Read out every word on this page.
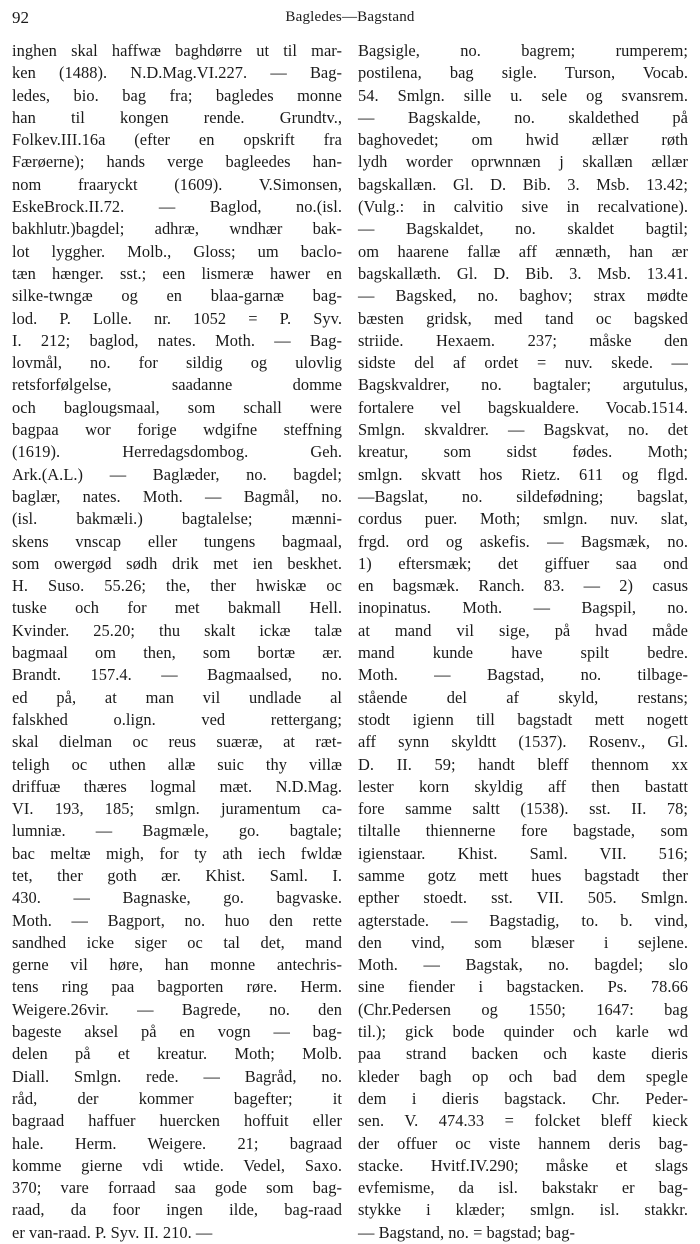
92	Bagledes—Bagstand
inghen skal haffwæ baghdørre ut til mar-
ken (1488). N.D.Mag.VI.227. — Bag-
ledes, bio. bag fra; bagledes monne
han til kongen rende. Grundtv.,
Folkev.III.16a (efter en opskrift fra
Færøerne); hands verge bagleedes han-
nom fraaryckt (1609). V.Simonsen,
EskeBrock.II.72. — Baglod, no.(isl.
bakhlutr.)bagdel; adhræ, wndhær bak-
lot lyggher. Molb., Gloss; um baclo-
tæn hænger. sst.; een lismeræ hawer en
silke-twngæ og en blaa-garnæ bag-
lod. P. Lolle. nr. 1052 = P. Syv.
I. 212; baglod, nates. Moth. — Bag-
lovmål, no. for sildig og ulovlig
retsforfølgelse, saadanne domme
och baglougsmaal, som schall were
bagpaa wor forige wdgifne steffning
(1619). Herredagsdombog. Geh.
Ark.(A.L.) — Baglæder, no. bagdel;
baglær, nates. Moth. — Bagmål, no.
(isl. bakmæli.) bagtalelse; mænni-
skens vnscap eller tungens bagmaal,
som owergød sødh drik met ien beskhet.
H. Suso. 55.26; the, ther hwiskæ oc
tuske och for met bakmall Hell.
Kvinder. 25.20; thu skalt ickæ talæ
bagmaal om then, som bortæ ær.
Brandt. 157.4. — Bagmaalsed, no.
ed på, at man vil undlade al
falskhed o.lign. ved rettergang;
skal dielman oc reus suæræ, at ræt-
teligh oc uthen allæ suic thy villæ
driffuæ thæres logmal mæt. N.D.Mag.
VI. 193, 185; smlgn. juramentum ca-
lumniæ. — Bagmæle, go. bagtale;
bac meltæ migh, for ty ath iech fwldæ
tet, ther goth ær. Khist. Saml. I.
430. — Bagnaske, go. bagvaske.
Moth. — Bagport, no. huo den rette
sandhed icke siger oc tal det, mand
gerne vil høre, han monne antechris-
tens ring paa bagporten røre. Herm.
Weigere.26vir. — Bagrede, no. den
bageste aksel på en vogn — bag-
delen på et kreatur. Moth; Molb.
Diall. Smlgn. rede. — Bagråd, no.
råd, der kommer bagefter; it
bagraad haffuer huercken hoffuit eller
hale. Herm. Weigere. 21; bagraad
komme gierne vdi wtide. Vedel, Saxo.
370; vare forraad saa gode som bag-
raad, da foor ingen ilde, bag-raad
er van-raad. P. Syv. II. 210. —
Bagsigle, no. bagrem; rumperem;
postilena, bag sigle. Turson, Vocab.
54. Smlgn. sille u. sele og svansrem.
— Bagskalde, no. skaldethed på
baghovedet; om hwid ællær røth
lydh worder oprwnnæn j skallæn ællær
bagskallæn. Gl. D. Bib. 3. Msb. 13.42;
(Vulg.: in calvitio sive in recalvatione).
— Bagskaldet, no. skaldet bagtil;
om haarene fallæ aff ænnæth, han ær
bagskallæth. Gl. D. Bib. 3. Msb. 13.41.
— Bagsked, no. baghov; strax mødte
bæsten gridsk, med tand oc bagsked
striide. Hexaem. 237; måske den
sidste del af ordet = nuv. skede. —
Bagskvaldrer, no. bagtaler; argutulus,
fortalere vel bagskualdere. Vocab.1514.
Smlgn. skvaldrer. — Bagskvat, no. det
kreatur, som sidst fødes. Moth;
smlgn. skvatt hos Rietz. 611 og flgd.
—Bagslat, no. sildefødning; bagslat,
cordus puer. Moth; smlgn. nuv. slat,
frgd. ord og askefis. — Bagsmæk, no.
1) eftersmæk; det giffuer saa ond
en bagsmæk. Ranch. 83. — 2) casus
inopinatus. Moth. — Bagspil, no.
at mand vil sige, på hvad måde
mand kunde have spilt bedre.
Moth. — Bagstad, no. tilbage-
stående del af skyld, restans;
stodt igienn till bagstadt mett nogett
aff synn skyldtt (1537). Rosenv., Gl.
D. II. 59; handt bleff thennom xx
lester korn skyldig aff then bastatt
fore samme saltt (1538). sst. II. 78;
tiltalle thiennerne fore bagstade, som
igienstaar. Khist. Saml. VII. 516;
samme gotz mett hues bagstadt ther
epther stoedt. sst. VII. 505. Smlgn.
agterstade. — Bagstadig, to. b. vind,
den vind, som blæser i sejlene.
Moth. — Bagstak, no. bagdel; slo
sine fiender i bagstacken. Ps. 78.66
(Chr.Pedersen og 1550; 1647: bag
til.); gick bode quinder och karle wd
paa strand backen och kaste dieris
kleder bagh op och bad dem spegle
dem i dieris bagstack. Chr. Peder-
sen. V. 474.33 = folcket bleff kieck
der offuer oc viste hannem deris bag-
stacke. Hvitf.IV.290; måske et slags
evfemisme, da isl. bakstakr er bag-
stykke i klæder; smlgn. isl. stakkr.
— Bagstand, no. = bagstad; bag-
